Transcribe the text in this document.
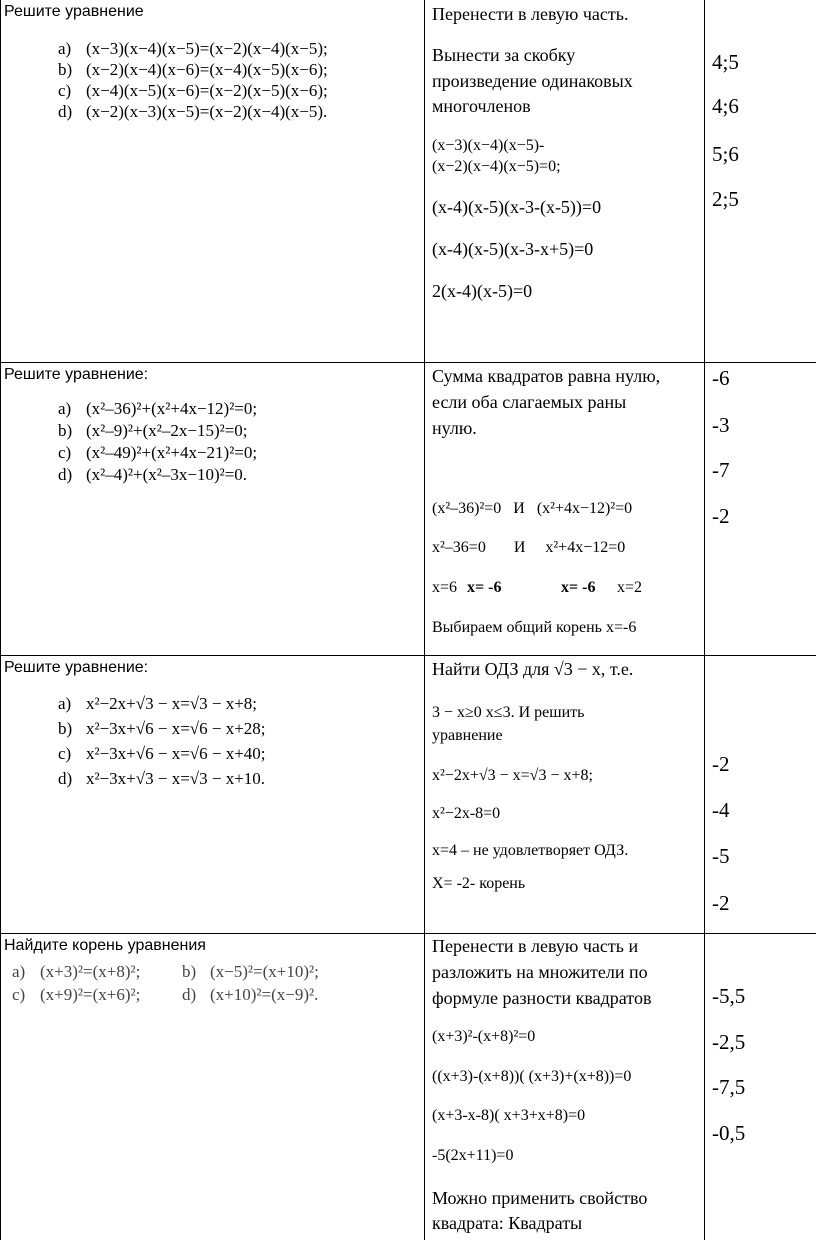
Решите уравнение
a) (x−3)(x−4)(x−5)=(x−2)(x−4)(x−5);
b) (x−2)(x−4)(x−6)=(x−4)(x−5)(x−6);
c) (x−4)(x−5)(x−6)=(x−2)(x−5)(x−6);
d) (x−2)(x−3)(x−5)=(x−2)(x−4)(x−5).
Перенести в левую часть.
Вынести за скобку
произведение одинаковых
многочленов
(x−3)(x−4)(x−5)-
(x−2)(x−4)(x−5)=0;
(x-4)(x-5)(x-3-(x-5))=0
(x-4)(x-5)(x-3-x+5)=0
2(x-4)(x-5)=0
4;5
4;6
5;6
2;5
Решите уравнение:
a) (x²–36)²+(x²+4x−12)²=0;
b) (x²–9)²+(x²–2x−15)²=0;
c) (x²–49)²+(x²+4x−21)²=0;
d) (x²–4)²+(x²–3x−10)²=0.
Сумма квадратов равна нулю,
если оба слагаемых раны
нулю.
(x²–36)²=0   И   (x²+4x−12)²=0
x²–36=0       И     x²+4x−12=0
x=6 x= -6	x= -6 x=2
Выбираем общий корень x=-6
-6
-3
-7
-2
Решите уравнение:
a) x²−2x+√3 − x=√3 − x+8;
b) x²−3x+√6 − x=√6 − x+28;
c) x²−3x+√6 − x=√6 − x+40;
d) x²−3x+√3 − x=√3 − x+10.
Найти ОДЗ для √3 − x, т.е.
3 − x≥0 x≤3. И решить
уравнение
x²−2x+√3 − x=√3 − x+8;
x²−2x-8=0
x=4 – не удовлетворяет ОДЗ.
X= -2- корень
-2
-4
-5
-2
Найдите корень уравнения
a) (x+3)²=(x+8)²; b) (x−5)²=(x+10)²;
c) (x+9)²=(x+6)²; d) (x+10)²=(x−9)².
Перенести в левую часть и
разложить на множители по
формуле разности квадратов
(x+3)²-(x+8)²=0
((x+3)-(x+8))( (x+3)+(x+8))=0
(x+3-x-8)( x+3+x+8)=0
-5(2x+11)=0
Можно применить свойство
квадрата: Квадраты
-5,5
-2,5
-7,5
-0,5
